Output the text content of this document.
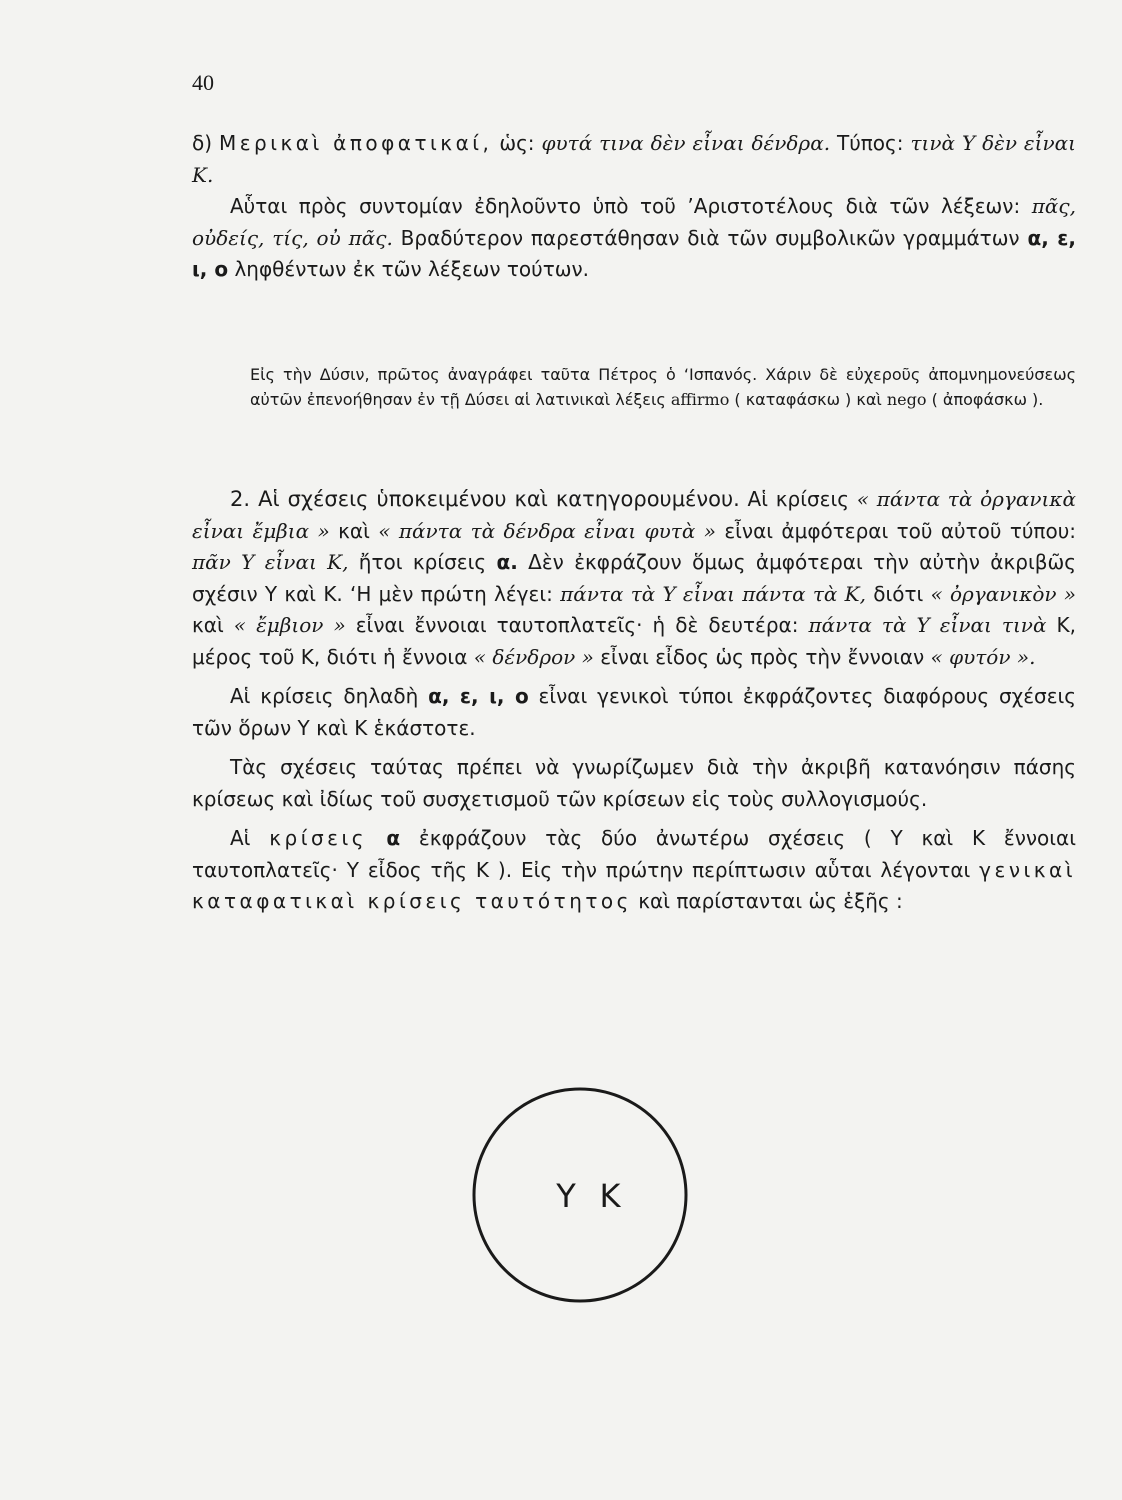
40

δ) Μερικαὶ ἀποφατικαί, ὡς: φυτά τινα δὲν εἶναι δένδρα. Τύπος: τινὰ Υ δὲν εἶναι Κ.

Αὗται πρὸς συντομίαν ἐδηλοῦντο ὑπὸ τοῦ ’Αριστοτέλους διὰ τῶν λέξεων: πᾶς, οὐδείς, τίς, οὐ πᾶς. Βραδύτερον παρεστάθησαν διὰ τῶν συμβολικῶν γραμμάτων α, ε, ι, ο ληφθέντων ἐκ τῶν λέξεων τούτων.

Εἰς τὴν Δύσιν, πρῶτος ἀναγράφει ταῦτα Πέτρος ὁ ‘Ισπανός. Χάριν δὲ εὐχεροῦς ἀπομνημονεύσεως αὐτῶν ἐπενοήθησαν ἐν τῇ Δύσει αἱ λατινικαὶ λέξεις affirmo ( καταφάσκω ) καὶ nego ( ἀποφάσκω ).

2. Αἱ σχέσεις ὑποκειμένου καὶ κατηγορουμένου. Αἱ κρίσεις « πάντα τὰ ὀργανικὰ εἶναι ἔμβια » καὶ « πάντα τὰ δένδρα εἶναι φυτὰ » εἶναι ἀμφότεραι τοῦ αὐτοῦ τύπου: πᾶν Υ εἶναι Κ, ἤτοι κρίσεις α. Δὲν ἐκφράζουν ὅμως ἀμφότεραι τὴν αὐτὴν ἀκριβῶς σχέσιν Υ καὶ Κ. ‘Η μὲν πρώτη λέγει: πάντα τὰ Υ εἶναι πάντα τὰ Κ, διότι « ὀργανικὸν » καὶ « ἔμβιον » εἶναι ἔννοιαι ταυτοπλατεῖς· ἡ δὲ δευτέρα: πάντα τὰ Υ εἶναι τινὰ Κ, μέρος τοῦ Κ, διότι ἡ ἔννοια « δένδρον » εἶναι εἶδος ὡς πρὸς τὴν ἔννοιαν « φυτόν ».

Αἱ κρίσεις δηλαδὴ α, ε, ι, ο εἶναι γενικοὶ τύποι ἐκφράζοντες διαφόρους σχέσεις τῶν ὅρων Υ καὶ Κ ἑκάστοτε.

Τὰς σχέσεις ταύτας πρέπει νὰ γνωρίζωμεν διὰ τὴν ἀκριβῆ κατανόησιν πάσης κρίσεως καὶ ἰδίως τοῦ συσχετισμοῦ τῶν κρίσεων εἰς τοὺς συλλογισμούς.

Αἱ κρίσεις α ἐκφράζουν τὰς δύο ἀνωτέρω σχέσεις ( Υ καὶ Κ ἔννοιαι ταυτοπλατεῖς· Υ εἶδος τῆς Κ ). Εἰς τὴν πρώτην περίπτωσιν αὗται λέγονται γενικαὶ καταφατικαὶ κρίσεις ταυτότητος καὶ παρίστανται ὡς ἑξῆς :

Υ Κ
